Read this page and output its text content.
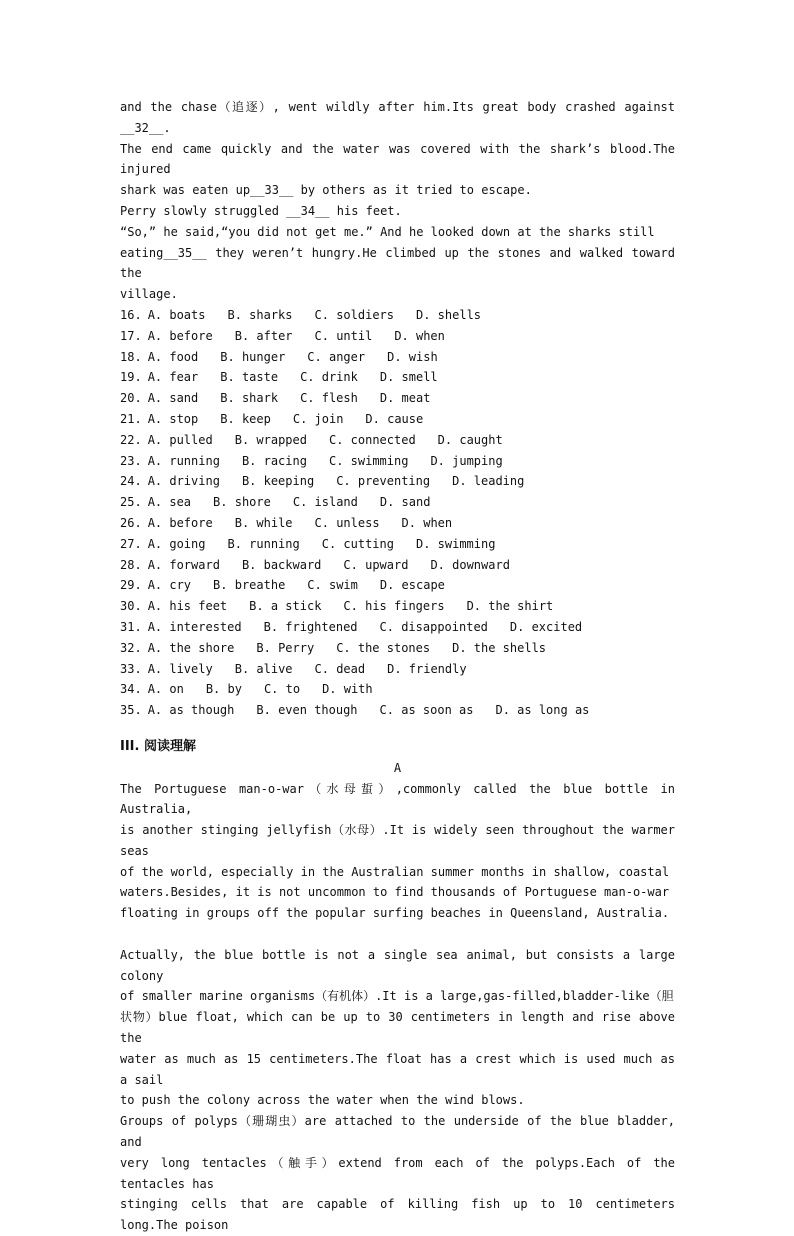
and the chase（追逐）, went wildly after him.Its great body crashed against __32__.
The end came quickly and the water was covered with the shark’s blood.The injured
shark was eaten up__33__ by others as it tried to escape.
Perry slowly struggled __34__ his feet.
“So,” he said,“you did not get me.” And he looked down at the sharks still
eating__35__ they weren’t hungry.He climbed up the stones and walked toward the
village.
16. A. boats B. sharks C. soldiers D. shells
17. A. before B. after C. until D. when
18. A. food B. hunger C. anger D. wish
19. A. fear B. taste C. drink D. smell
20. A. sand B. shark C. flesh D. meat
21. A. stop B. keep C. join D. cause
22. A. pulled B. wrapped C. connected D. caught
23. A. running B. racing C. swimming D. jumping
24. A. driving B. keeping C. preventing D. leading
25. A. sea B. shore C. island D. sand
26. A. before B. while C. unless D. when
27. A. going B. running C. cutting D. swimming
28. A. forward B. backward C. upward D. downward
29. A. cry B. breathe C. swim D. escape
30. A. his feet B. a stick C. his fingers D. the shirt
31. A. interested B. frightened C. disappointed D. excited
32. A. the shore B. Perry C. the stones D. the shells
33. A. lively B. alive C. dead D. friendly
34. A. on B. by C. to D. with
35. A. as though B. even though C. as soon as D. as long as
III. 阅读理解
A
The Portuguese man-o-war（水母蜇）,commonly called the blue bottle in Australia,
is another stinging jellyfish（水母）.It is widely seen throughout the warmer seas
of the world, especially in the Australian summer months in shallow, coastal
waters.Besides, it is not uncommon to find thousands of Portuguese man-o-war
floating in groups off the popular surfing beaches in Queensland, Australia.
Actually, the blue bottle is not a single sea animal, but consists a large colony
of smaller marine organisms（有机体）.It is a large,gas-filled,bladder-like（胆
状物）blue float, which can be up to 30 centimeters in length and rise above the
water as much as 15 centimeters.The float has a crest which is used much as a sail
to push the colony across the water when the wind blows.
Groups of polyps（珊瑚虫）are attached to the underside of the blue bladder, and
very long tentacles（触手）extend from each of the polyps.Each of the tentacles has
stinging cells that are capable of killing fish up to 10 centimeters long.The poison
